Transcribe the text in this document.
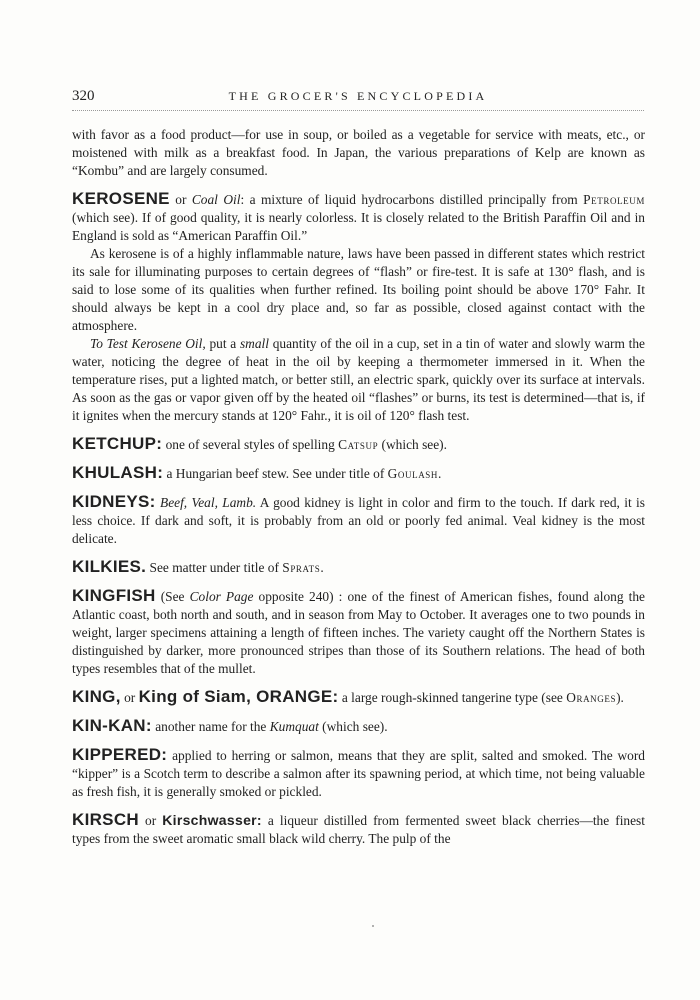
320	THE GROCER'S ENCYCLOPEDIA

with favor as a food product—for use in soup, or boiled as a vegetable for service with meats, etc., or moistened with milk as a breakfast food. In Japan, the various preparations of Kelp are known as “Kombu” and are largely consumed.

KEROSENE or Coal Oil: a mixture of liquid hydrocarbons distilled principally from Petroleum (which see). If of good quality, it is nearly colorless. It is closely related to the British Paraffin Oil and in England is sold as “American Paraffin Oil.”

As kerosene is of a highly inflammable nature, laws have been passed in different states which restrict its sale for illuminating purposes to certain degrees of “flash” or fire-test. It is safe at 130° flash, and is said to lose some of its qualities when further refined. Its boiling point should be above 170° Fahr. It should always be kept in a cool dry place and, so far as possible, closed against contact with the atmosphere.

To Test Kerosene Oil, put a small quantity of the oil in a cup, set in a tin of water and slowly warm the water, noticing the degree of heat in the oil by keeping a thermometer immersed in it. When the temperature rises, put a lighted match, or better still, an electric spark, quickly over its surface at intervals. As soon as the gas or vapor given off by the heated oil “flashes” or burns, its test is determined—that is, if it ignites when the mercury stands at 120° Fahr., it is oil of 120° flash test.

KETCHUP: one of several styles of spelling Catsup (which see).

KHULASH: a Hungarian beef stew. See under title of Goulash.

KIDNEYS: Beef, Veal, Lamb. A good kidney is light in color and firm to the touch. If dark red, it is less choice. If dark and soft, it is probably from an old or poorly fed animal. Veal kidney is the most delicate.

KILKIES. See matter under title of Sprats.

KINGFISH (See Color Page opposite 240) : one of the finest of American fishes, found along the Atlantic coast, both north and south, and in season from May to October. It averages one to two pounds in weight, larger specimens attaining a length of fifteen inches. The variety caught off the Northern States is distinguished by darker, more pronounced stripes than those of its Southern relations. The head of both types resembles that of the mullet.

KING, or King of Siam, ORANGE: a large rough-skinned tangerine type (see Oranges).

KIN-KAN: another name for the Kumquat (which see).

KIPPERED: applied to herring or salmon, means that they are split, salted and smoked. The word “kipper” is a Scotch term to describe a salmon after its spawning period, at which time, not being valuable as fresh fish, it is generally smoked or pickled.

KIRSCH or Kirschwasser: a liqueur distilled from fermented sweet black cherries—the finest types from the sweet aromatic small black wild cherry. The pulp of the
